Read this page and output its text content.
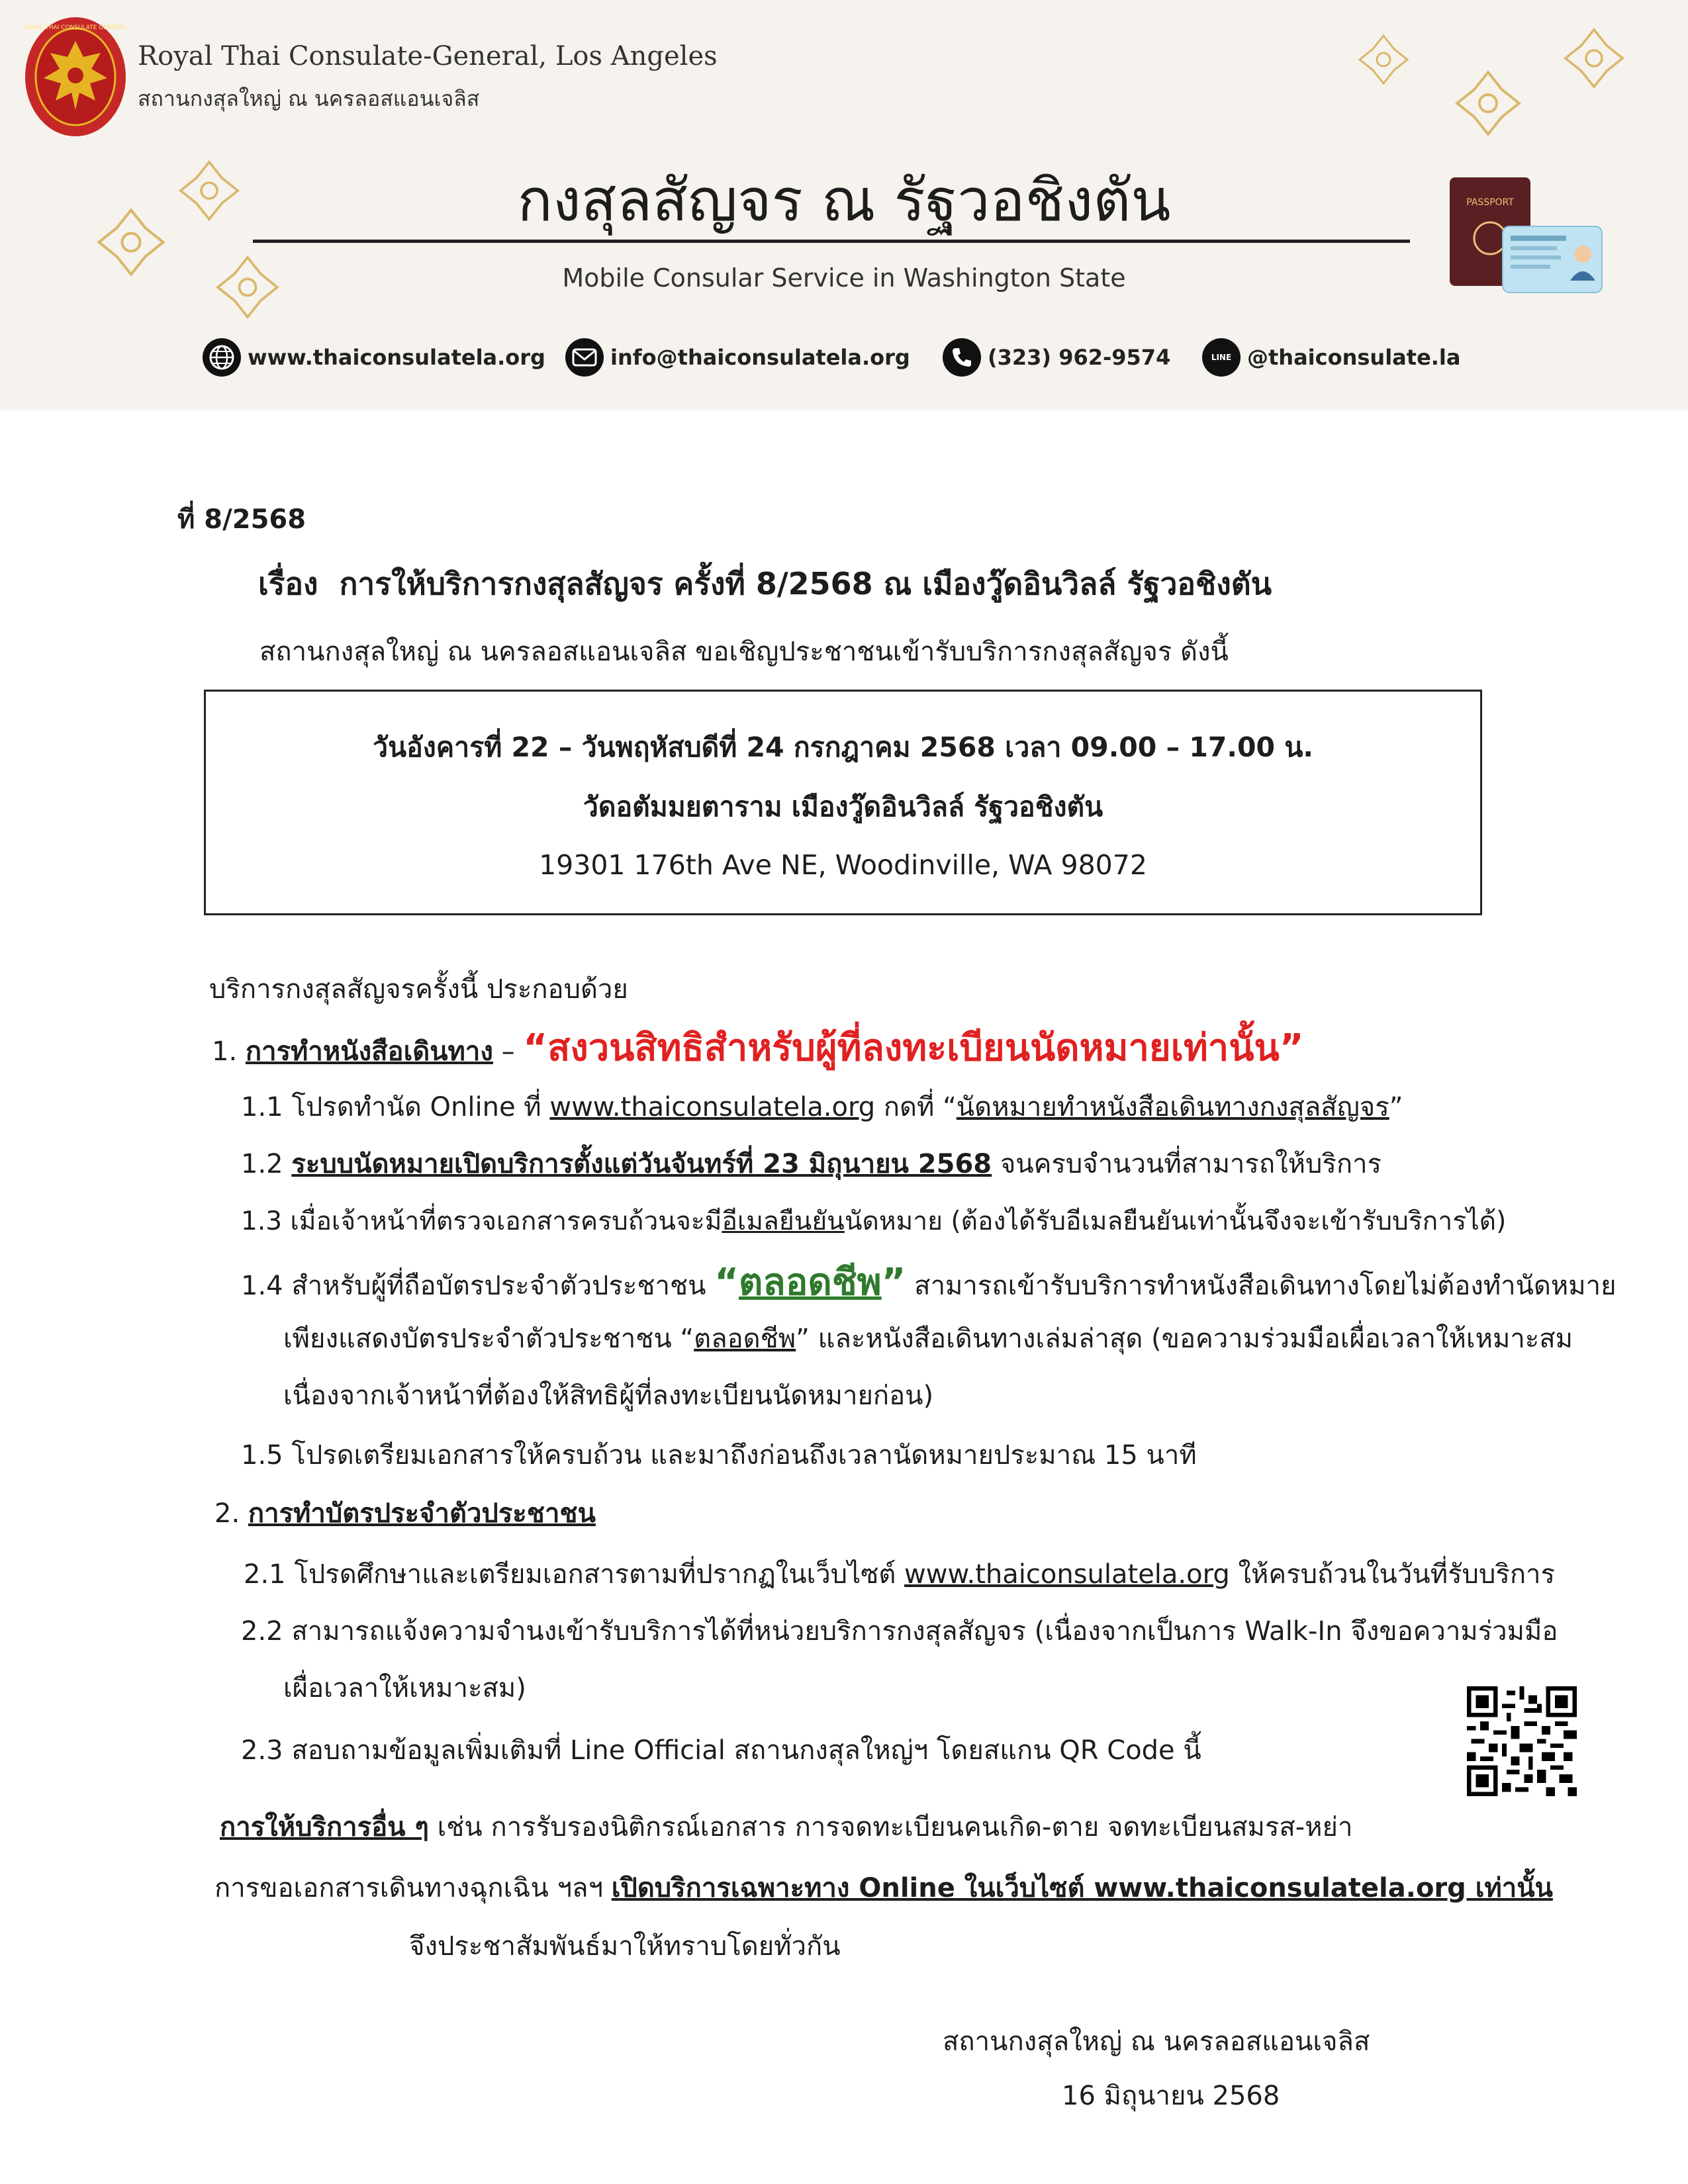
ROYAL THAI CONSULATE GENERAL
Royal Thai Consulate-General, Los Angeles
สถานกงสุลใหญ่ ณ นครลอสแอนเจลิส
กงสุลสัญจร ณ รัฐวอชิงตัน
Mobile Consular Service in Washington State
PASSPORT
www.thaiconsulatela.org	info@thaiconsulatela.org	(323) 962-9574	LINE @thaiconsulate.la
ที่ 8/2568
เรื่อง การให้บริการกงสุลสัญจร ครั้งที่ 8/2568 ณ เมืองวู๊ดอินวิลล์ รัฐวอชิงตัน
สถานกงสุลใหญ่ ณ นครลอสแอนเจลิส ขอเชิญประชาชนเข้ารับบริการกงสุลสัญจร ดังนี้
วันอังคารที่ 22 – วันพฤหัสบดีที่ 24 กรกฎาคม 2568 เวลา 09.00 – 17.00 น.
วัดอตัมมยตาราม เมืองวู๊ดอินวิลล์ รัฐวอชิงตัน
19301 176th Ave NE, Woodinville, WA 98072
บริการกงสุลสัญจรครั้งนี้ ประกอบด้วย
1. การทำหนังสือเดินทาง – “สงวนสิทธิสำหรับผู้ที่ลงทะเบียนนัดหมายเท่านั้น”
1.1 โปรดทำนัด Online ที่ www.thaiconsulatela.org กดที่ “นัดหมายทำหนังสือเดินทางกงสุลสัญจร”
1.2 ระบบนัดหมายเปิดบริการตั้งแต่วันจันทร์ที่ 23 มิถุนายน 2568 จนครบจำนวนที่สามารถให้บริการ
1.3 เมื่อเจ้าหน้าที่ตรวจเอกสารครบถ้วนจะมีอีเมลยืนยันนัดหมาย (ต้องได้รับอีเมลยืนยันเท่านั้นจึงจะเข้ารับบริการได้)
1.4 สำหรับผู้ที่ถือบัตรประจำตัวประชาชน “ตลอดชีพ” สามารถเข้ารับบริการทำหนังสือเดินทางโดยไม่ต้องทำนัดหมาย
เพียงแสดงบัตรประจำตัวประชาชน “ตลอดชีพ” และหนังสือเดินทางเล่มล่าสุด (ขอความร่วมมือเผื่อเวลาให้เหมาะสม
เนื่องจากเจ้าหน้าที่ต้องให้สิทธิผู้ที่ลงทะเบียนนัดหมายก่อน)
1.5 โปรดเตรียมเอกสารให้ครบถ้วน และมาถึงก่อนถึงเวลานัดหมายประมาณ 15 นาที
2. การทำบัตรประจำตัวประชาชน
2.1 โปรดศึกษาและเตรียมเอกสารตามที่ปรากฏในเว็บไซต์ www.thaiconsulatela.org ให้ครบถ้วนในวันที่รับบริการ
2.2 สามารถแจ้งความจำนงเข้ารับบริการได้ที่หน่วยบริการกงสุลสัญจร (เนื่องจากเป็นการ Walk-In จึงขอความร่วมมือ
เผื่อเวลาให้เหมาะสม)
2.3 สอบถามข้อมูลเพิ่มเติมที่ Line Official สถานกงสุลใหญ่ฯ โดยสแกน QR Code นี้
การให้บริการอื่น ๆ เช่น การรับรองนิติกรณ์เอกสาร การจดทะเบียนคนเกิด-ตาย จดทะเบียนสมรส-หย่า
การขอเอกสารเดินทางฉุกเฉิน ฯลฯ เปิดบริการเฉพาะทาง Online ในเว็บไซต์ www.thaiconsulatela.org เท่านั้น
จึงประชาสัมพันธ์มาให้ทราบโดยทั่วกัน
สถานกงสุลใหญ่ ณ นครลอสแอนเจลิส
16 มิถุนายน 2568
